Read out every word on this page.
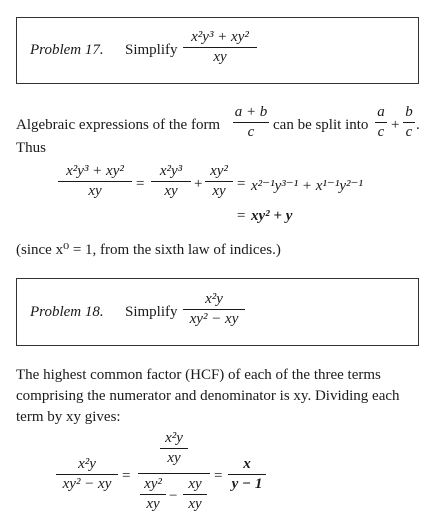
Problem 17. Simplify
x²y³ + xy²
xy
Algebraic expressions of the form
a + b
c	can be split into
a
c +
b
c .
Thus
x²y³ + xy²
xy	=
x²y³
xy	+
xy²
xy = x²⁻¹y³⁻¹ + x¹⁻¹y²⁻¹
= xy² + y
(since x⁰ = 1, from the sixth law of indices.)
Problem 18. Simplify
x²y
xy² − xy
The highest common factor (HCF) of each of the three terms comprising the numerator and denominator is xy. Dividing each term by xy gives:
x²y
xy² − xy =
x²y
xy
xy²
xy −
xy
xy
=
x
y − 1
